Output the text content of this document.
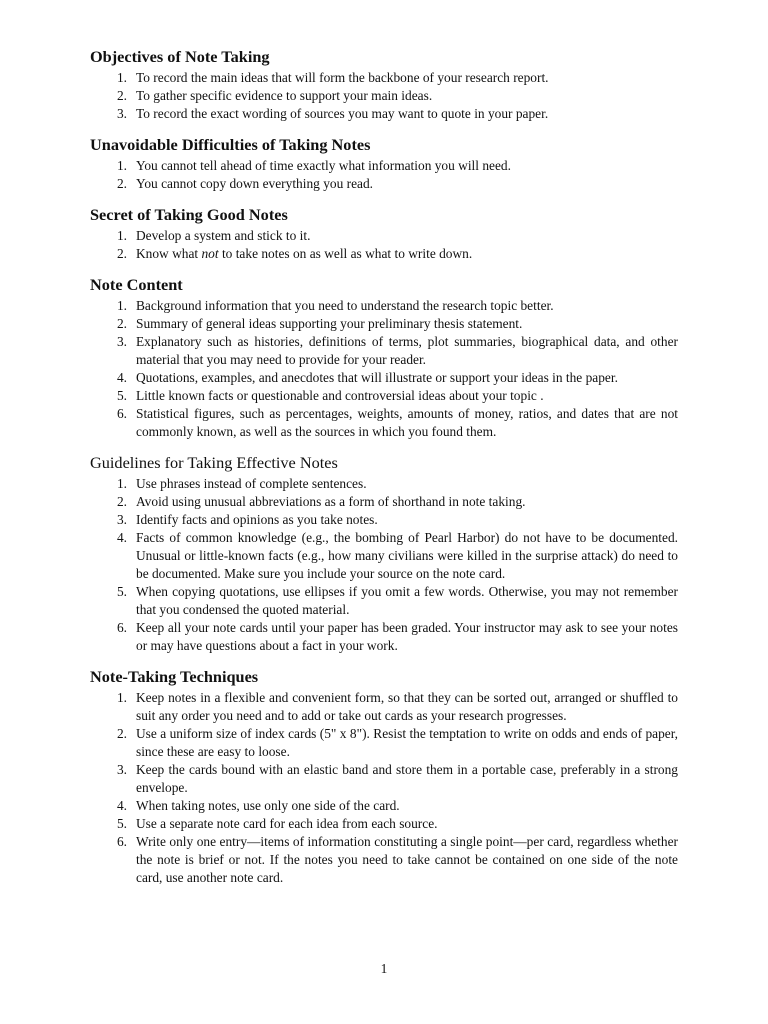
Objectives of Note Taking
1. To record the main ideas that will form the backbone of your research report.
2. To gather specific evidence to support your main ideas.
3. To record the exact wording of sources you may want to quote in your paper.
Unavoidable Difficulties of Taking Notes
1. You cannot tell ahead of time exactly what information you will need.
2. You cannot copy down everything you read.
Secret of Taking Good Notes
1. Develop a system and stick to it.
2. Know what not to take notes on as well as what to write down.
Note Content
1. Background information that you need to understand the research topic better.
2. Summary of general ideas supporting your preliminary thesis statement.
3. Explanatory such as histories, definitions of terms, plot summaries, biographical data, and other material that you may need to provide for your reader.
4. Quotations, examples, and anecdotes that will illustrate or support your ideas in the paper.
5. Little known facts or questionable and controversial ideas about your topic .
6. Statistical figures, such as percentages, weights, amounts of money, ratios, and dates that are not commonly known, as well as the sources in which you found them.
Guidelines for Taking Effective Notes
1. Use phrases instead of complete sentences.
2. Avoid using unusual abbreviations as a form of shorthand in note taking.
3. Identify facts and opinions as you take notes.
4. Facts of common knowledge (e.g., the bombing of Pearl Harbor) do not have to be documented. Unusual or little-known facts (e.g., how many civilians were killed in the surprise attack) do need to be documented. Make sure you include your source on the note card.
5. When copying quotations, use ellipses if you omit a few words. Otherwise, you may not remember that you condensed the quoted material.
6. Keep all your note cards until your paper has been graded. Your instructor may ask to see your notes or may have questions about a fact in your work.
Note-Taking Techniques
1. Keep notes in a flexible and convenient form, so that they can be sorted out, arranged or shuffled to suit any order you need and to add or take out cards as your research progresses.
2. Use a uniform size of index cards (5" x 8"). Resist the temptation to write on odds and ends of paper, since these are easy to loose.
3. Keep the cards bound with an elastic band and store them in a portable case, preferably in a strong envelope.
4. When taking notes, use only one side of the card.
5. Use a separate note card for each idea from each source.
6. Write only one entry—items of information constituting a single point—per card, regardless whether the note is brief or not. If the notes you need to take cannot be contained on one side of the note card, use another note card.
1
